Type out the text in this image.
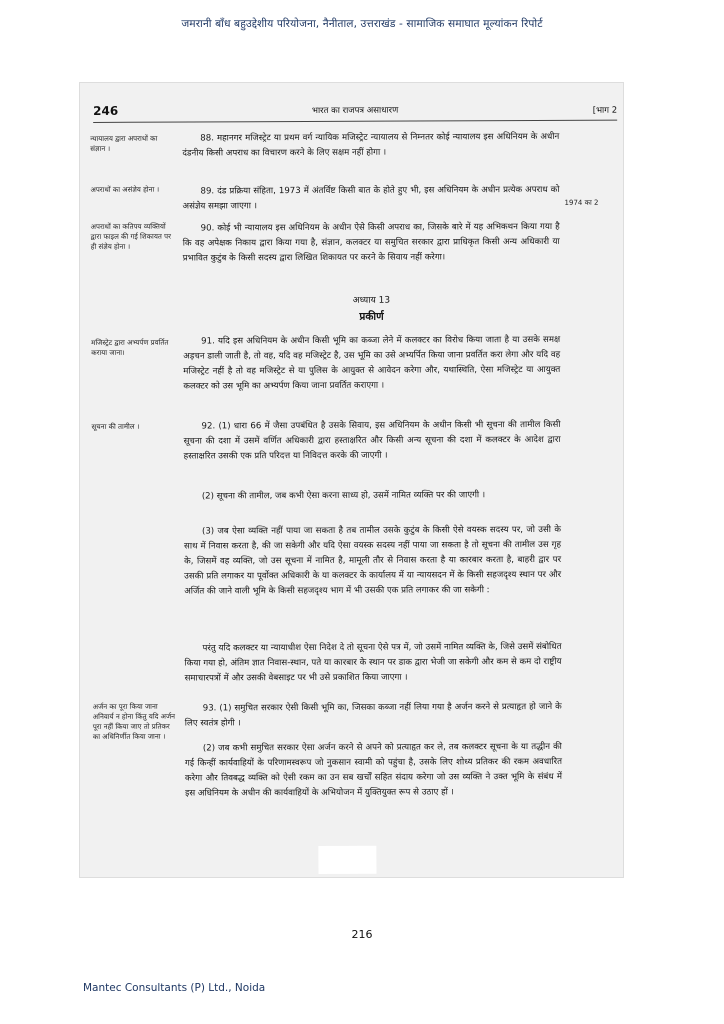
जमरानी बाँध बहुउद्देशीय परियोजना, नैनीताल, उत्तराखंड - सामाजिक समाघात मूल्यांकन रिपोर्ट
246	भारत का राजपत्र असाधारण	[भाग 2
न्यायालय द्वारा अपराधों का संज्ञान ।

88. महानगर मजिस्ट्रेट या प्रथम वर्ग न्यायिक मजिस्ट्रेट न्यायालय से निम्नतर कोई न्यायालय इस अधिनियम के अधीन दंडनीय किसी अपराध का विचारण करने के लिए सक्षम नहीं होगा ।

अपराधों का असंज्ञेय होना ।
1974 का 2

89. दंड प्रक्रिया संहिता, 1973 में अंतर्विष्ट किसी बात के होते हुए भी, इस अधिनियम के अधीन प्रत्येक अपराध को असंज्ञेय समझा जाएगा ।

अपराधों का कतिपय व्यक्तियों द्वारा फाइल की गई शिकायत पर ही संज्ञेय होना ।

90. कोई भी न्यायालय इस अधिनियम के अधीन ऐसे किसी अपराध का, जिसके बारे में यह अभिकथन किया गया है कि वह अपेक्षक निकाय द्वारा किया गया है, संज्ञान, कलक्टर या समुचित सरकार द्वारा प्राधिकृत किसी अन्य अधिकारी या प्रभावित कुटुंब के किसी सदस्य द्वारा लिखित शिकायत पर करने के सिवाय नहीं करेगा।

अध्याय 13
प्रकीर्ण
मजिस्ट्रेट द्वारा अभ्यर्पण प्रवर्तित कराया जाना।

91. यदि इस अधिनियम के अधीन किसी भूमि का कब्जा लेने में कलक्टर का विरोध किया जाता है या उसके समक्ष अड़चन डाली जाती है, तो वह, यदि वह मजिस्ट्रेट है, उस भूमि का उसे अभ्यर्पित किया जाना प्रवर्तित करा लेगा और यदि वह मजिस्ट्रेट नहीं है तो वह मजिस्ट्रेट से या पुलिस के आयुक्त से आवेदन करेगा और, यथास्थिति, ऐसा मजिस्ट्रेट या आयुक्त कलक्टर को उस भूमि का अभ्यर्पण किया जाना प्रवर्तित कराएगा ।

सूचना की तामील ।	92. (1) धारा 66 में जैसा उपबंधित है उसके सिवाय, इस अधिनियम के अधीन किसी भी सूचना की तामील किसी सूचना की दशा में उसमें वर्णित अधिकारी द्वारा हस्ताक्षरित और किसी अन्य सूचना की दशा में कलक्टर के आदेश द्वारा हस्ताक्षरित उसकी एक प्रति परिदत्त या निविदत्त करके की जाएगी ।

(2) सूचना की तामील, जब कभी ऐसा करना साध्य हो, उसमें नामित व्यक्ति पर की जाएगी ।

(3) जब ऐसा व्यक्ति नहीं पाया जा सकता है तब तामील उसके कुटुंब के किसी ऐसे वयस्क सदस्य पर, जो उसी के साथ में निवास करता है, की जा सकेगी और यदि ऐसा वयस्क सदस्य नहीं पाया जा सकता है तो सूचना की तामील उस गृह के, जिसमें वह व्यक्ति, जो उस सूचना में नामित है, मामूली तौर से निवास करता है या कारबार करता है, बाहरी द्वार पर उसकी प्रति लगाकर या पूर्वोक्त अधिकारी के या कलक्टर के कार्यालय में या न्यायसदन में के किसी सहजदृश्य स्थान पर और अर्जित की जाने वाली भूमि के किसी सहजदृश्य भाग में भी उसकी एक प्रति लगाकर की जा सकेगी :

परंतु यदि कलक्टर या न्यायाधीश ऐसा निदेश दे तो सूचना ऐसे पत्र में, जो उसमें नामित व्यक्ति के, जिसे उसमें संबोधित किया गया हो, अंतिम ज्ञात निवास-स्थान, पते या कारबार के स्थान पर डाक द्वारा भेजी जा सकेगी और कम से कम दो राष्ट्रीय समाचारपत्रों में और उसकी वेबसाइट पर भी उसे प्रकाशित किया जाएगा ।

अर्जन का पूरा किया जाना अनिवार्य न होना किंतु यदि अर्जन पूरा नहीं किया जाए तो प्रतिकर का अधिनिर्णीत किया जाना ।

93. (1) समुचित सरकार ऐसी किसी भूमि का, जिसका कब्जा नहीं लिया गया है अर्जन करने से प्रत्याहृत हो जाने के लिए स्वतंत्र होगी ।

(2) जब कभी समुचित सरकार ऐसा अर्जन करने से अपने को प्रत्याहृत कर ले, तब कलक्टर सूचना के या तद्धीन की गई किन्हीं कार्यवाहियों के परिणामस्वरूप जो नुकसान स्वामी को पहुंचा है, उसके लिए शोध्य प्रतिकर की रकम अवधारित करेगा और तिवबद्ध व्यक्ति को ऐसी रकम का उन सब खर्चों सहित संदाय करेगा जो उस व्यक्ति ने उक्त भूमि के संबंध में इस अधिनियम के अधीन की कार्यवाहियों के अभियोजन में युक्तियुक्त रूप से उठाए हों ।

216
Mantec Consultants (P) Ltd., Noida
